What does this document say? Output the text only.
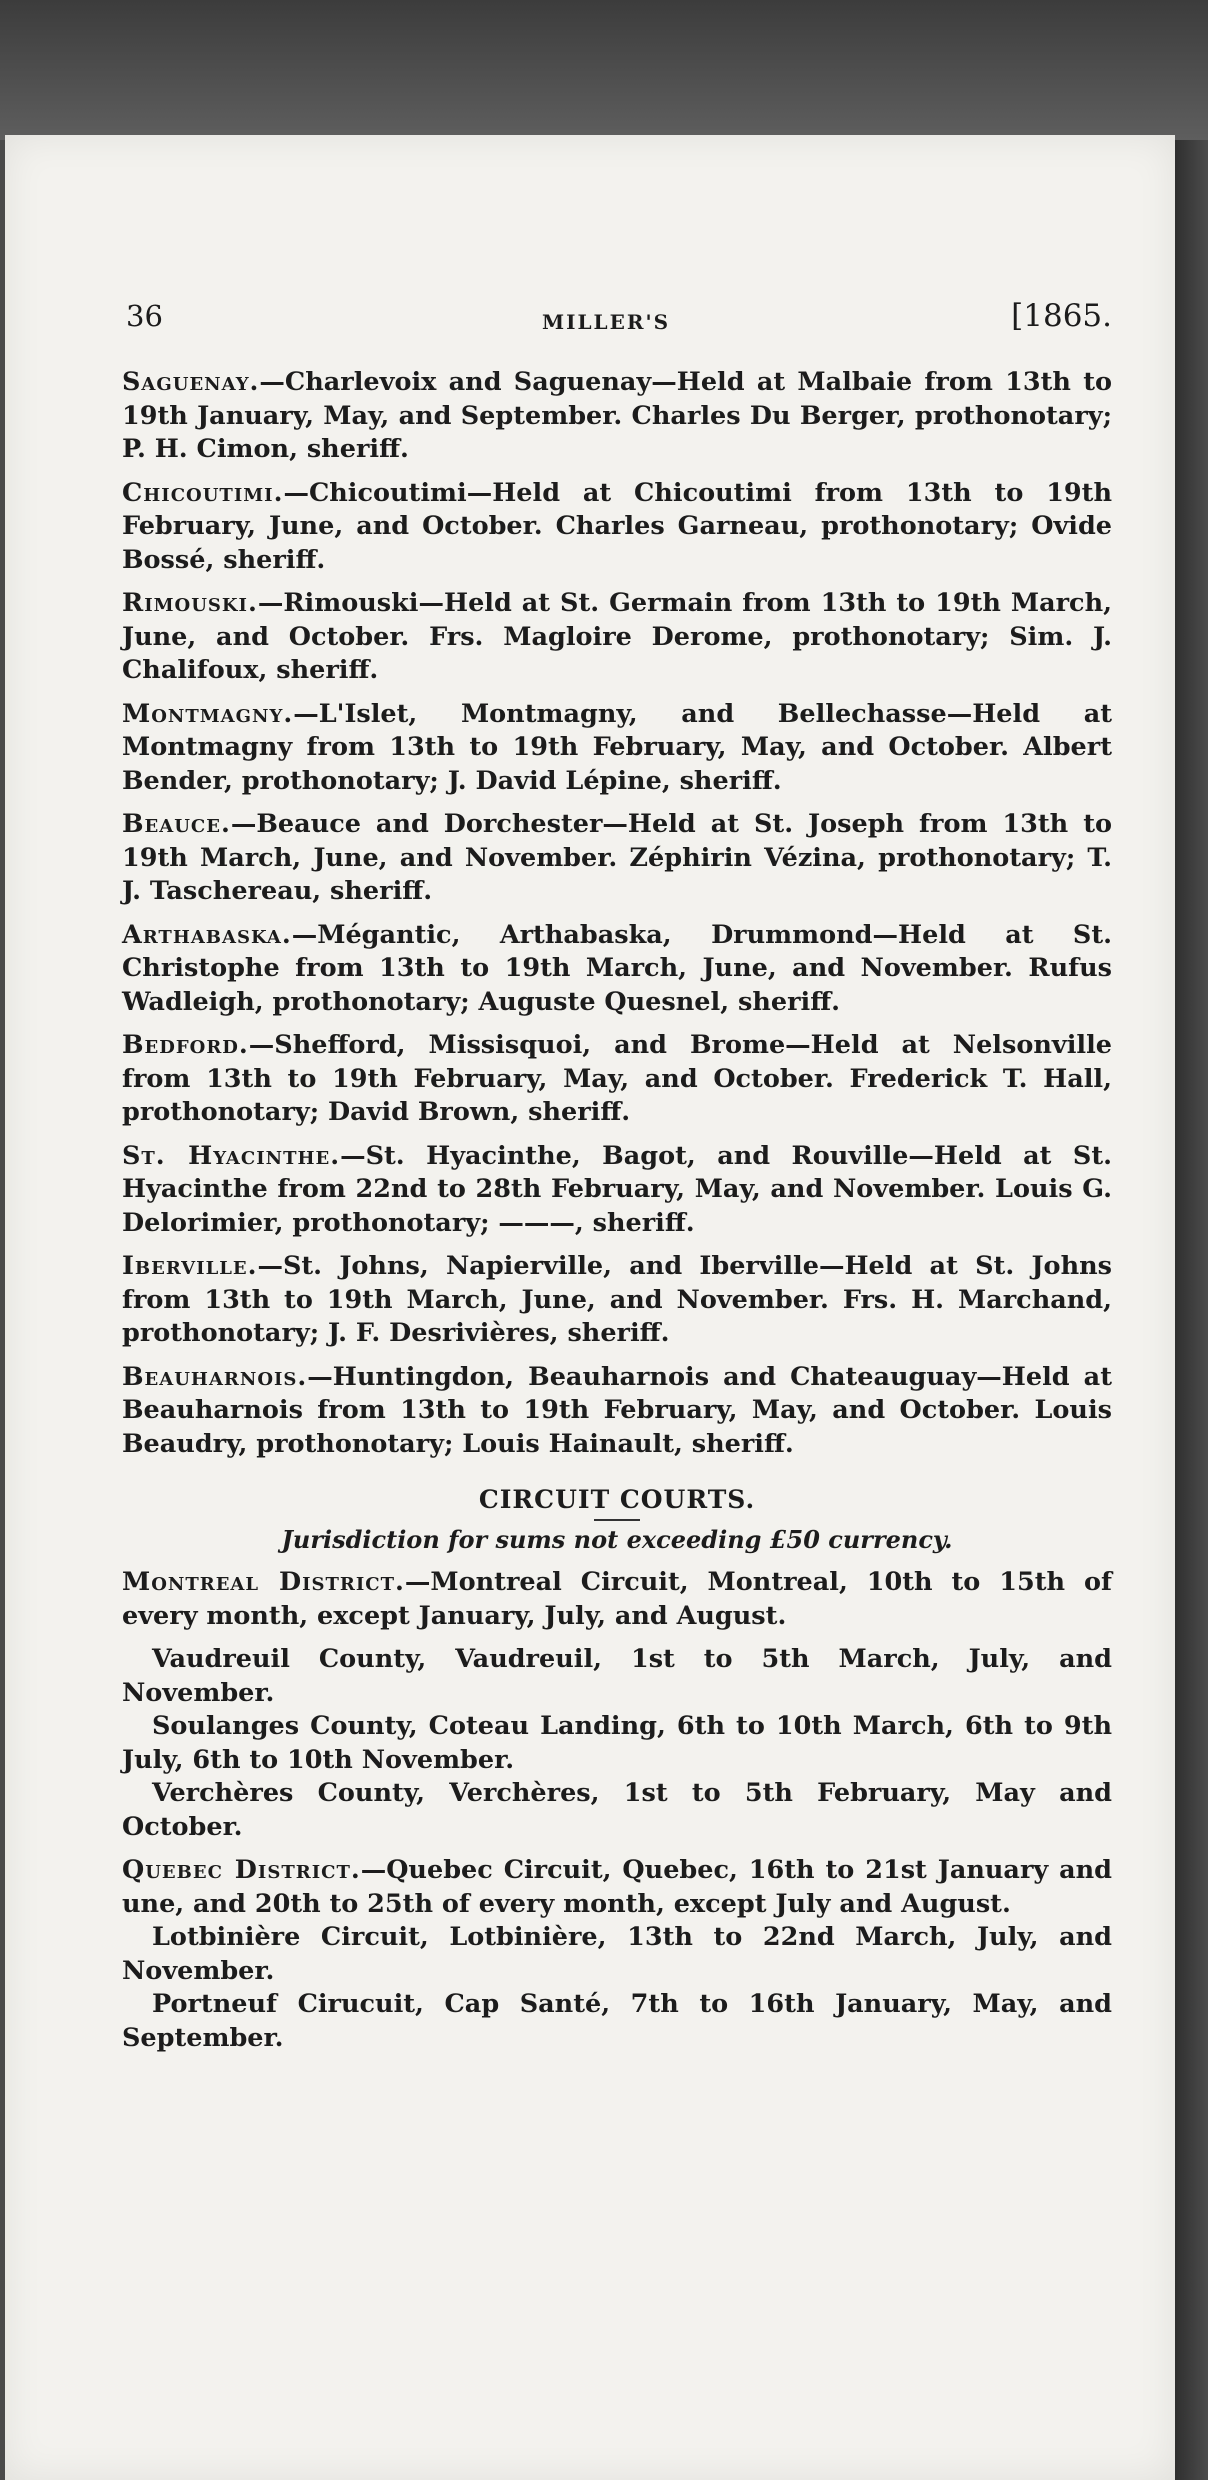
36	MILLER'S	[1865.

Saguenay.—Charlevoix and Saguenay—Held at Malbaie from 13th to 19th January, May, and September. Charles Du Berger, prothonotary; P. H. Cimon, sheriff.

Chicoutimi.—Chicoutimi—Held at Chicoutimi from 13th to 19th February, June, and October. Charles Garneau, prothonotary; Ovide Bossé, sheriff.

Rimouski.—Rimouski—Held at St. Germain from 13th to 19th March, June, and October. Frs. Magloire Derome, prothonotary; Sim. J. Chalifoux, sheriff.

Montmagny.—L'Islet, Montmagny, and Bellechasse—Held at Montmagny from 13th to 19th February, May, and October. Albert Bender, prothonotary; J. David Lépine, sheriff.

Beauce.—Beauce and Dorchester—Held at St. Joseph from 13th to 19th March, June, and November. Zéphirin Vézina, prothonotary; T. J. Taschereau, sheriff.

Arthabaska.—Mégantic, Arthabaska, Drummond—Held at St. Christophe from 13th to 19th March, June, and November. Rufus Wadleigh, prothonotary; Auguste Quesnel, sheriff.

Bedford.—Shefford, Missisquoi, and Brome—Held at Nelsonville from 13th to 19th February, May, and October. Frederick T. Hall, prothonotary; David Brown, sheriff.

St. Hyacinthe.—St. Hyacinthe, Bagot, and Rouville—Held at St. Hyacinthe from 22nd to 28th February, May, and November. Louis G. Delorimier, prothonotary; ———, sheriff.

Iberville.—St. Johns, Napierville, and Iberville—Held at St. Johns from 13th to 19th March, June, and November. Frs. H. Marchand, prothonotary; J. F. Desrivières, sheriff.

Beauharnois.—Huntingdon, Beauharnois and Chateauguay—Held at Beauharnois from 13th to 19th February, May, and October. Louis Beaudry, prothonotary; Louis Hainault, sheriff.

CIRCUIT COURTS.
Jurisdiction for sums not exceeding £50 currency.

Montreal District.—Montreal Circuit, Montreal, 10th to 15th of every month, except January, July, and August.

Vaudreuil County, Vaudreuil, 1st to 5th March, July, and November.

Soulanges County, Coteau Landing, 6th to 10th March, 6th to 9th July, 6th to 10th November.

Verchères County, Verchères, 1st to 5th February, May and October.

Quebec District.—Quebec Circuit, Quebec, 16th to 21st January and une, and 20th to 25th of every month, except July and August.

Lotbinière Circuit, Lotbinière, 13th to 22nd March, July, and November.

Portneuf Cirucuit, Cap Santé, 7th to 16th January, May, and September.
